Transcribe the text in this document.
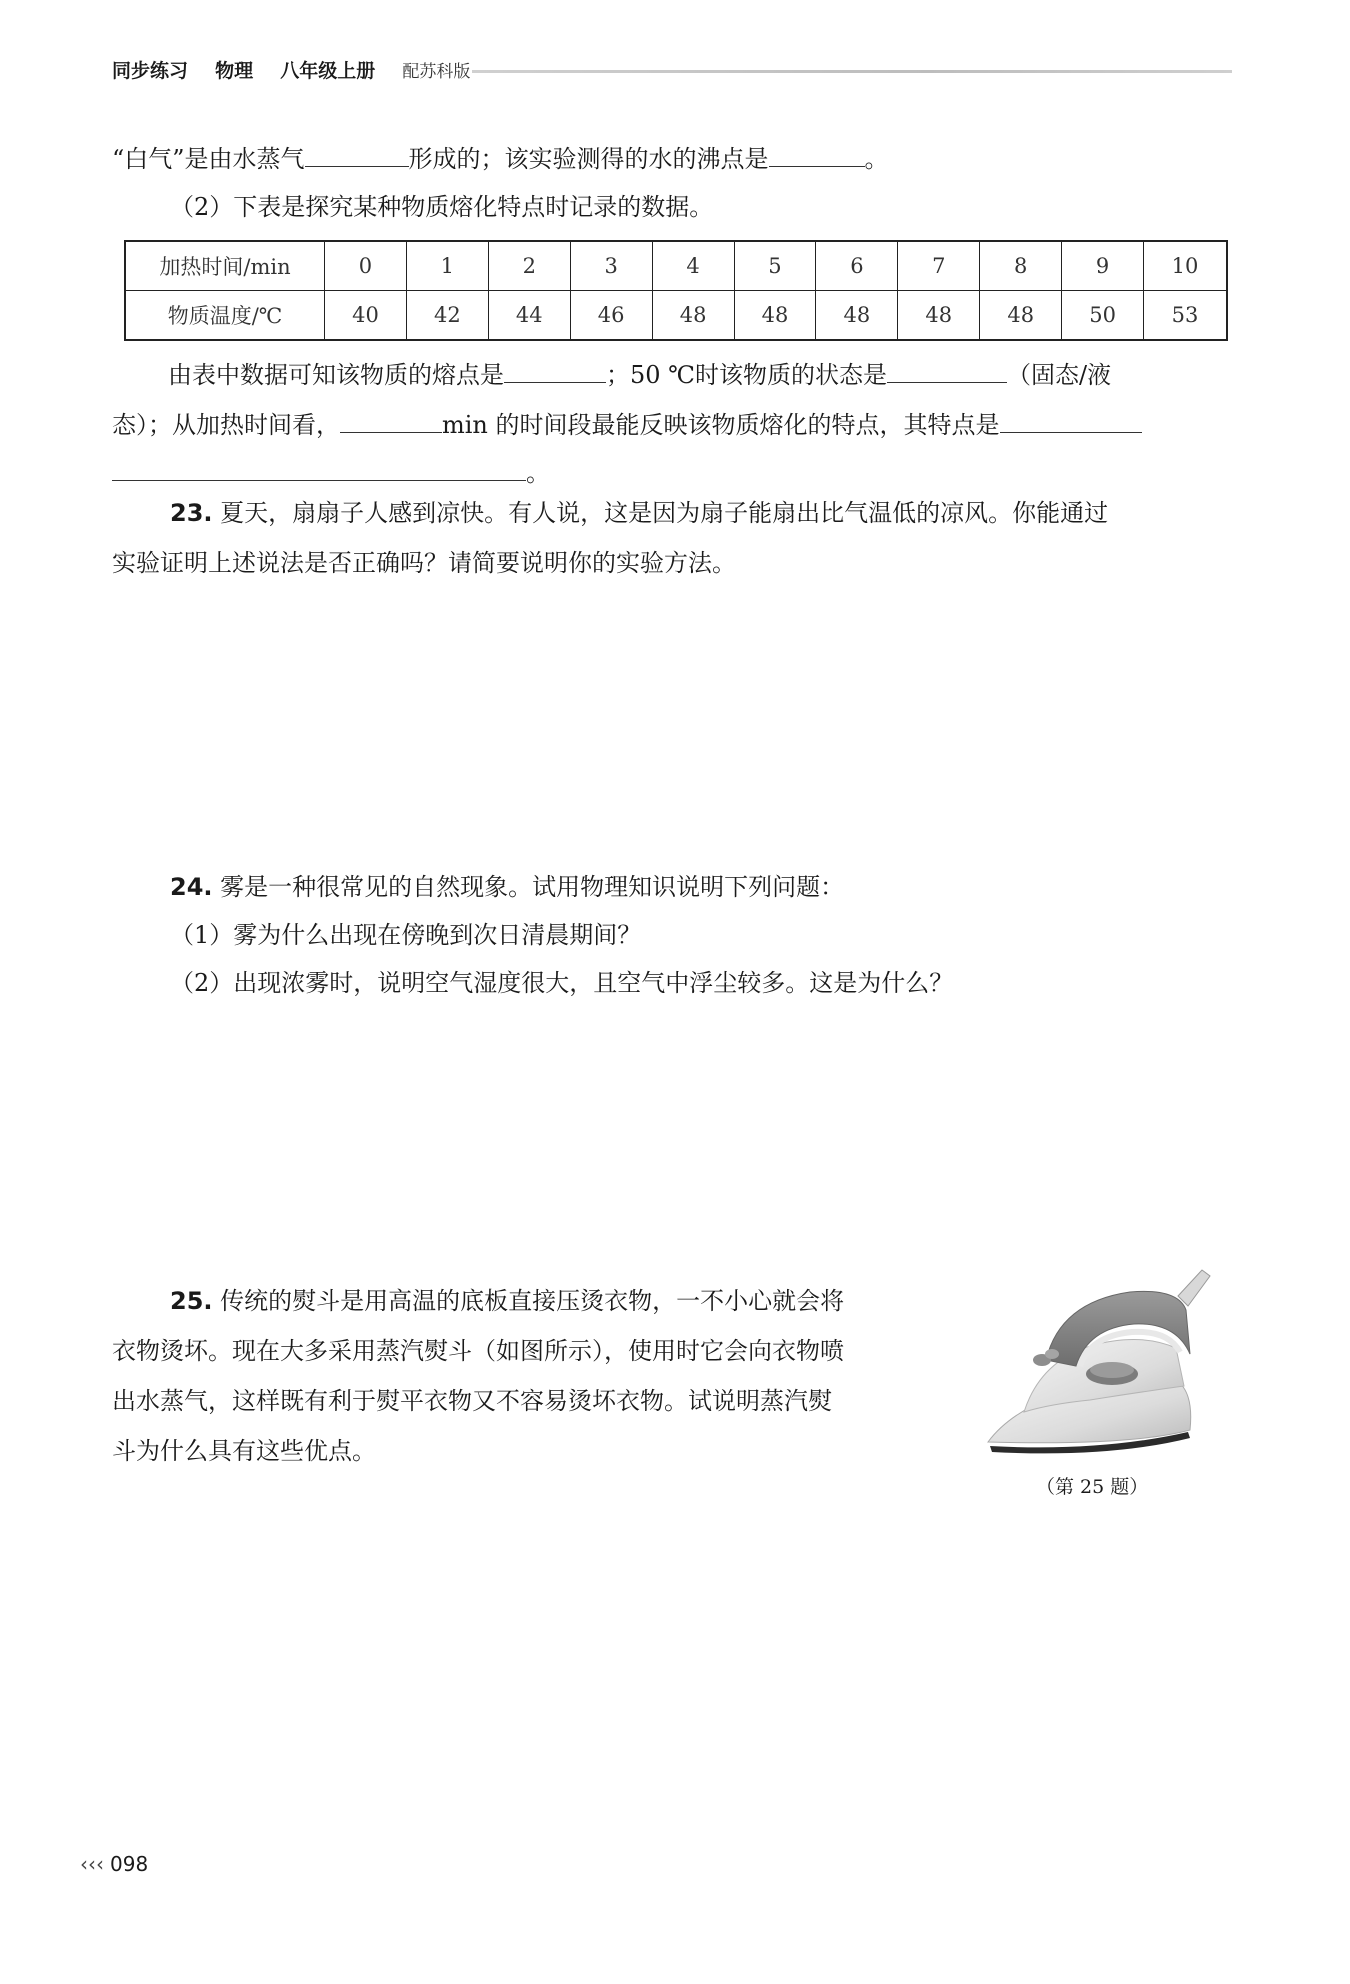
同步练习 物理 八年级上册 配苏科版
“白气”是由水蒸气	形成的；该实验测得的水的沸点是	。
（2）下表是探究某种物质熔化特点时记录的数据。
加热时间/min	0	1	2	3	4	5	6	7	8	9	10
物质温度/℃	40	42	44	46	48	48	48	48	48	50	53
由表中数据可知该物质的熔点是	；50 ℃时该物质的状态是	（固态/液
态）；从加热时间看，	min 的时间段最能反映该物质熔化的特点，其特点是
。
23. 夏天，扇扇子人感到凉快。有人说，这是因为扇子能扇出比气温低的凉风。你能通过
实验证明上述说法是否正确吗？请简要说明你的实验方法。
24. 雾是一种很常见的自然现象。试用物理知识说明下列问题：
（1）雾为什么出现在傍晚到次日清晨期间？
（2）出现浓雾时，说明空气湿度很大，且空气中浮尘较多。这是为什么？
25. 传统的熨斗是用高温的底板直接压烫衣物，一不小心就会将
衣物烫坏。现在大多采用蒸汽熨斗（如图所示），使用时它会向衣物喷
出水蒸气，这样既有利于熨平衣物又不容易烫坏衣物。试说明蒸汽熨
斗为什么具有这些优点。
（第 25 题）
‹‹‹ 098
